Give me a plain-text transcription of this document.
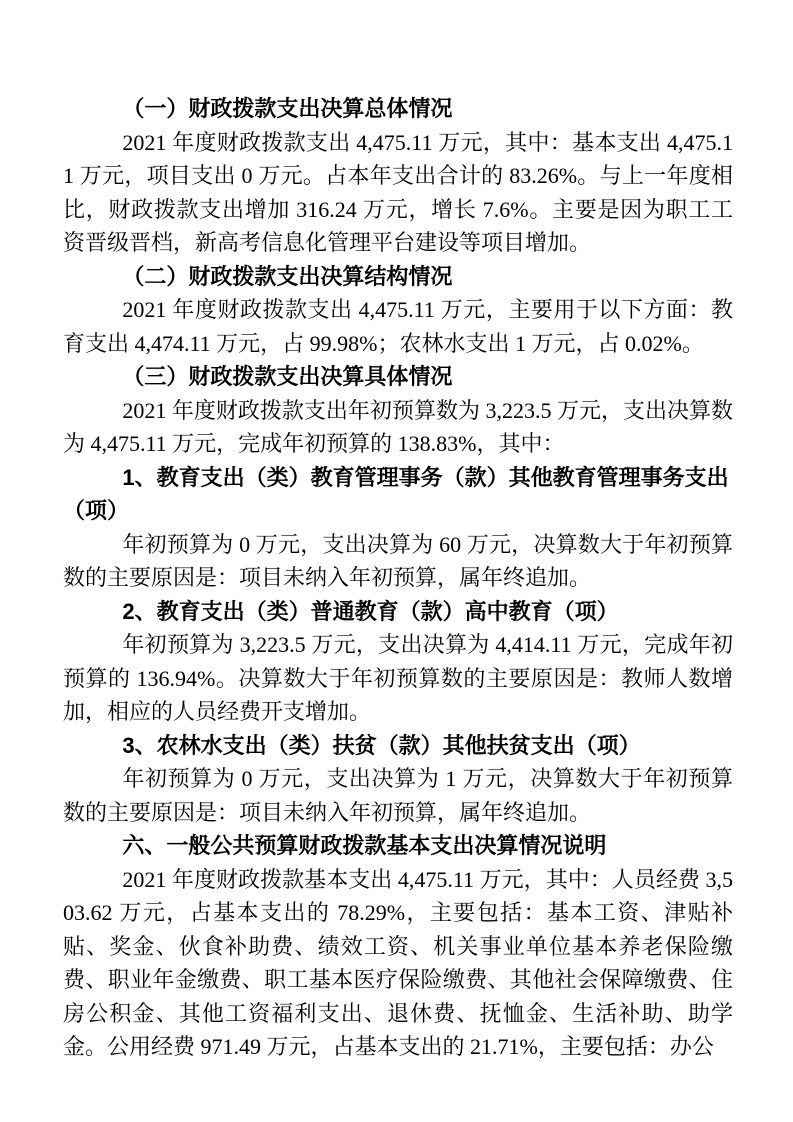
（一）财政拨款支出决算总体情况

2021 年度财政拨款支出 4,475.11 万元，其中：基本支出 4,475.11 万元，项目支出 0 万元。占本年支出合计的 83.26%。与上一年度相比，财政拨款支出增加 316.24 万元，增长 7.6%。主要是因为职工工资晋级晋档，新高考信息化管理平台建设等项目增加。

（二）财政拨款支出决算结构情况

2021 年度财政拨款支出 4,475.11 万元，主要用于以下方面：教育支出 4,474.11 万元，占 99.98%；农林水支出 1 万元，占 0.02%。

（三）财政拨款支出决算具体情况

2021 年度财政拨款支出年初预算数为 3,223.5 万元，支出决算数为 4,475.11 万元，完成年初预算的 138.83%，其中：

1、教育支出（类）教育管理事务（款）其他教育管理事务支出（项）

年初预算为 0 万元，支出决算为 60 万元，决算数大于年初预算数的主要原因是：项目未纳入年初预算，属年终追加。

2、教育支出（类）普通教育（款）高中教育（项）

年初预算为 3,223.5 万元，支出决算为 4,414.11 万元，完成年初预算的 136.94%。决算数大于年初预算数的主要原因是：教师人数增加，相应的人员经费开支增加。

3、农林水支出（类）扶贫（款）其他扶贫支出（项）

年初预算为 0 万元，支出决算为 1 万元，决算数大于年初预算数的主要原因是：项目未纳入年初预算，属年终追加。

六、一般公共预算财政拨款基本支出决算情况说明

2021 年度财政拨款基本支出 4,475.11 万元，其中：人员经费 3,503.62 万元，占基本支出的 78.29%，主要包括：基本工资、津贴补贴、奖金、伙食补助费、绩效工资、机关事业单位基本养老保险缴费、职业年金缴费、职工基本医疗保险缴费、其他社会保障缴费、住房公积金、其他工资福利支出、退休费、抚恤金、生活补助、助学金。公用经费 971.49 万元，占基本支出的 21.71%，主要包括：办公
